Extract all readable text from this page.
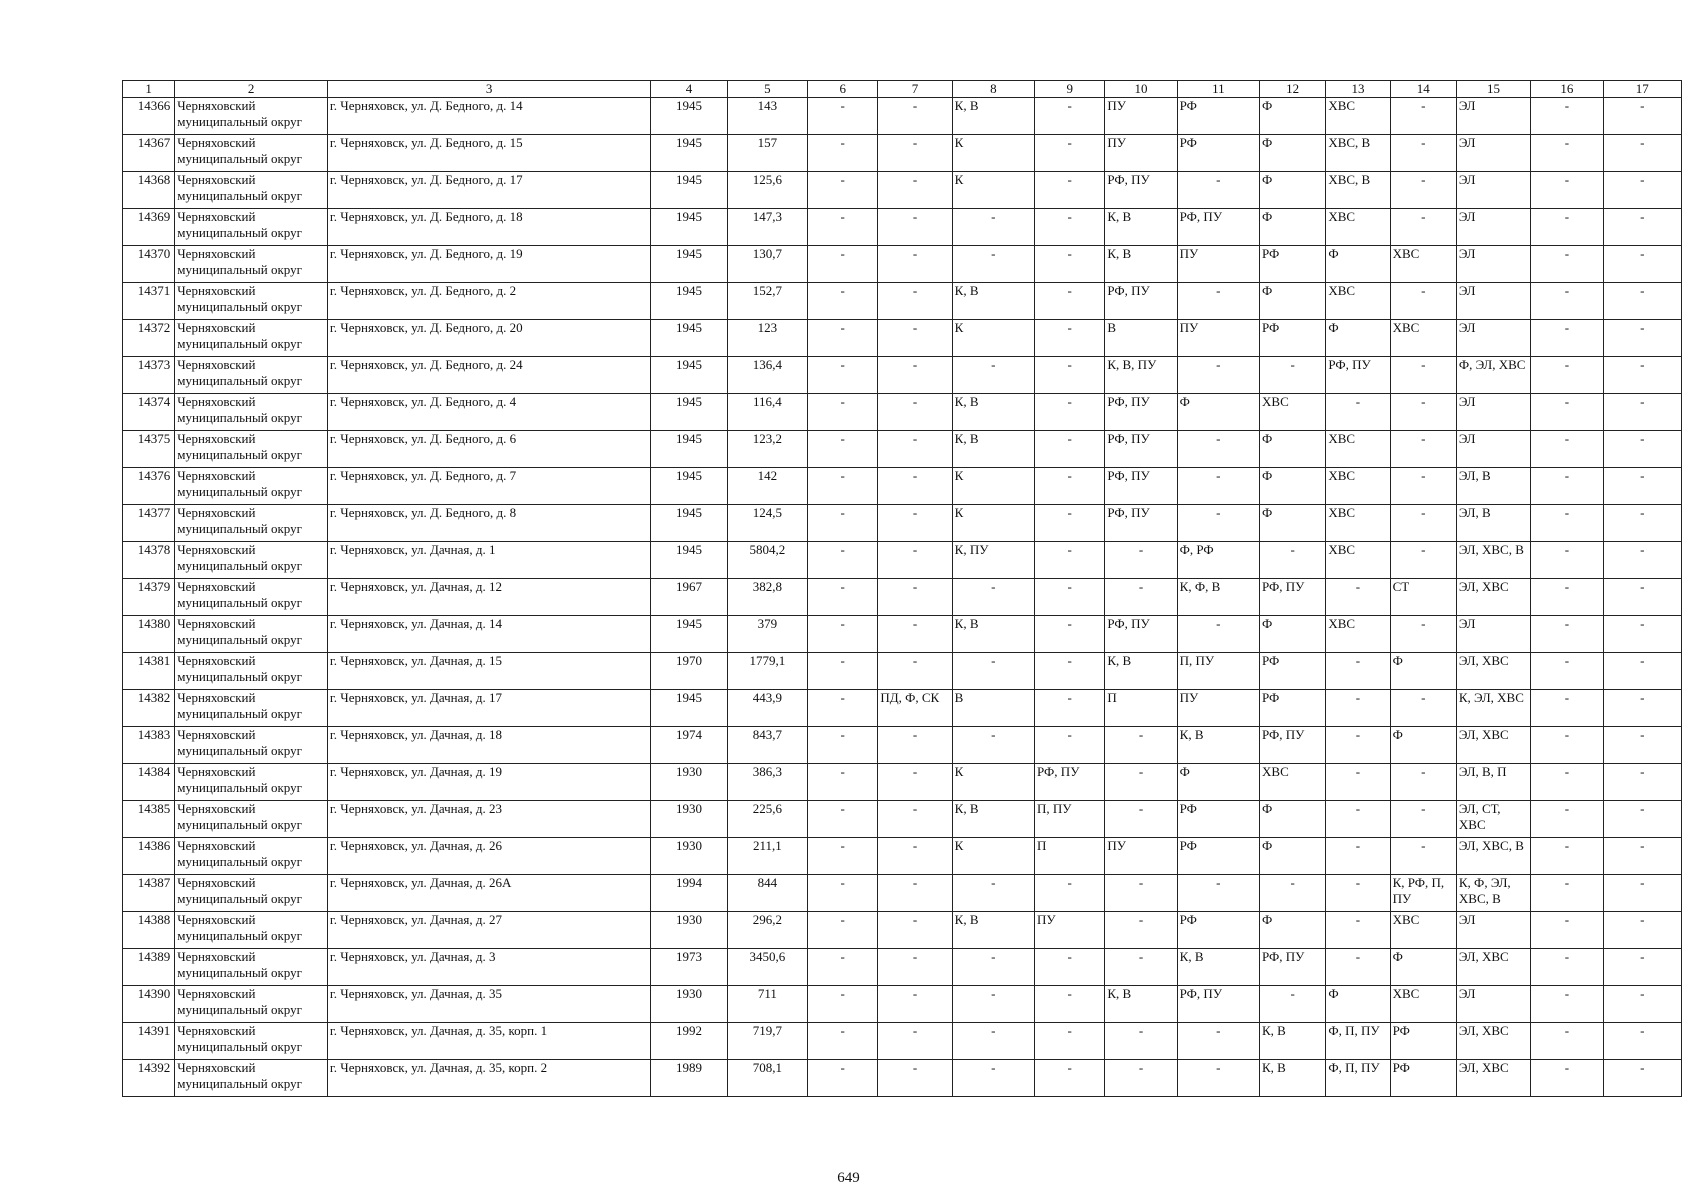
1	2	3	4	5	6	7	8	9	10	11	12	13	14	15	16	17
14366	Черняховский муниципальный округ	г. Черняховск, ул. Д. Бедного, д. 14	1945	143	-	-	К, В	-	ПУ	РФ	Ф	ХВС	-	ЭЛ	-	-
14367	Черняховский муниципальный округ	г. Черняховск, ул. Д. Бедного, д. 15	1945	157	-	-	К	-	ПУ	РФ	Ф	ХВС, В	-	ЭЛ	-	-
14368	Черняховский муниципальный округ	г. Черняховск, ул. Д. Бедного, д. 17	1945	125,6	-	-	К	-	РФ, ПУ	-	Ф	ХВС, В	-	ЭЛ	-	-
14369	Черняховский муниципальный округ	г. Черняховск, ул. Д. Бедного, д. 18	1945	147,3	-	-	-	-	К, В	РФ, ПУ	Ф	ХВС	-	ЭЛ	-	-
14370	Черняховский муниципальный округ	г. Черняховск, ул. Д. Бедного, д. 19	1945	130,7	-	-	-	-	К, В	ПУ	РФ	Ф	ХВС	ЭЛ	-	-
14371	Черняховский муниципальный округ	г. Черняховск, ул. Д. Бедного, д. 2	1945	152,7	-	-	К, В	-	РФ, ПУ	-	Ф	ХВС	-	ЭЛ	-	-
14372	Черняховский муниципальный округ	г. Черняховск, ул. Д. Бедного, д. 20	1945	123	-	-	К	-	В	ПУ	РФ	Ф	ХВС	ЭЛ	-	-
14373	Черняховский муниципальный округ	г. Черняховск, ул. Д. Бедного, д. 24	1945	136,4	-	-	-	-	К, В, ПУ	-	-	РФ, ПУ	-	Ф, ЭЛ, ХВС	-	-
14374	Черняховский муниципальный округ	г. Черняховск, ул. Д. Бедного, д. 4	1945	116,4	-	-	К, В	-	РФ, ПУ	Ф	ХВС	-	-	ЭЛ	-	-
14375	Черняховский муниципальный округ	г. Черняховск, ул. Д. Бедного, д. 6	1945	123,2	-	-	К, В	-	РФ, ПУ	-	Ф	ХВС	-	ЭЛ	-	-
14376	Черняховский муниципальный округ	г. Черняховск, ул. Д. Бедного, д. 7	1945	142	-	-	К	-	РФ, ПУ	-	Ф	ХВС	-	ЭЛ, В	-	-
14377	Черняховский муниципальный округ	г. Черняховск, ул. Д. Бедного, д. 8	1945	124,5	-	-	К	-	РФ, ПУ	-	Ф	ХВС	-	ЭЛ, В	-	-
14378	Черняховский муниципальный округ	г. Черняховск, ул. Дачная, д. 1	1945	5804,2	-	-	К, ПУ	-	-	Ф, РФ	-	ХВС	-	ЭЛ, ХВС, В	-	-
14379	Черняховский муниципальный округ	г. Черняховск, ул. Дачная, д. 12	1967	382,8	-	-	-	-	-	К, Ф, В	РФ, ПУ	-	СТ	ЭЛ, ХВС	-	-
14380	Черняховский муниципальный округ	г. Черняховск, ул. Дачная, д. 14	1945	379	-	-	К, В	-	РФ, ПУ	-	Ф	ХВС	-	ЭЛ	-	-
14381	Черняховский муниципальный округ	г. Черняховск, ул. Дачная, д. 15	1970	1779,1	-	-	-	-	К, В	П, ПУ	РФ	-	Ф	ЭЛ, ХВС	-	-
14382	Черняховский муниципальный округ	г. Черняховск, ул. Дачная, д. 17	1945	443,9	-	ПД, Ф, СК	В	-	П	ПУ	РФ	-	-	К, ЭЛ, ХВС	-	-
14383	Черняховский муниципальный округ	г. Черняховск, ул. Дачная, д. 18	1974	843,7	-	-	-	-	-	К, В	РФ, ПУ	-	Ф	ЭЛ, ХВС	-	-
14384	Черняховский муниципальный округ	г. Черняховск, ул. Дачная, д. 19	1930	386,3	-	-	К	РФ, ПУ	-	Ф	ХВС	-	-	ЭЛ, В, П	-	-
14385	Черняховский муниципальный округ	г. Черняховск, ул. Дачная, д. 23	1930	225,6	-	-	К, В	П, ПУ	-	РФ	Ф	-	-	ЭЛ, СТ, ХВС	-	-
14386	Черняховский муниципальный округ	г. Черняховск, ул. Дачная, д. 26	1930	211,1	-	-	К	П	ПУ	РФ	Ф	-	-	ЭЛ, ХВС, В	-	-
14387	Черняховский муниципальный округ	г. Черняховск, ул. Дачная, д. 26А	1994	844	-	-	-	-	-	-	-	-	К, РФ, П, ПУ	К, Ф, ЭЛ, ХВС, В	-	-
14388	Черняховский муниципальный округ	г. Черняховск, ул. Дачная, д. 27	1930	296,2	-	-	К, В	ПУ	-	РФ	Ф	-	ХВС	ЭЛ	-	-
14389	Черняховский муниципальный округ	г. Черняховск, ул. Дачная, д. 3	1973	3450,6	-	-	-	-	-	К, В	РФ, ПУ	-	Ф	ЭЛ, ХВС	-	-
14390	Черняховский муниципальный округ	г. Черняховск, ул. Дачная, д. 35	1930	711	-	-	-	-	К, В	РФ, ПУ	-	Ф	ХВС	ЭЛ	-	-
14391	Черняховский муниципальный округ	г. Черняховск, ул. Дачная, д. 35, корп. 1	1992	719,7	-	-	-	-	-	-	К, В	Ф, П, ПУ	РФ	ЭЛ, ХВС	-	-
14392	Черняховский муниципальный округ	г. Черняховск, ул. Дачная, д. 35, корп. 2	1989	708,1	-	-	-	-	-	-	К, В	Ф, П, ПУ	РФ	ЭЛ, ХВС	-	-
649
